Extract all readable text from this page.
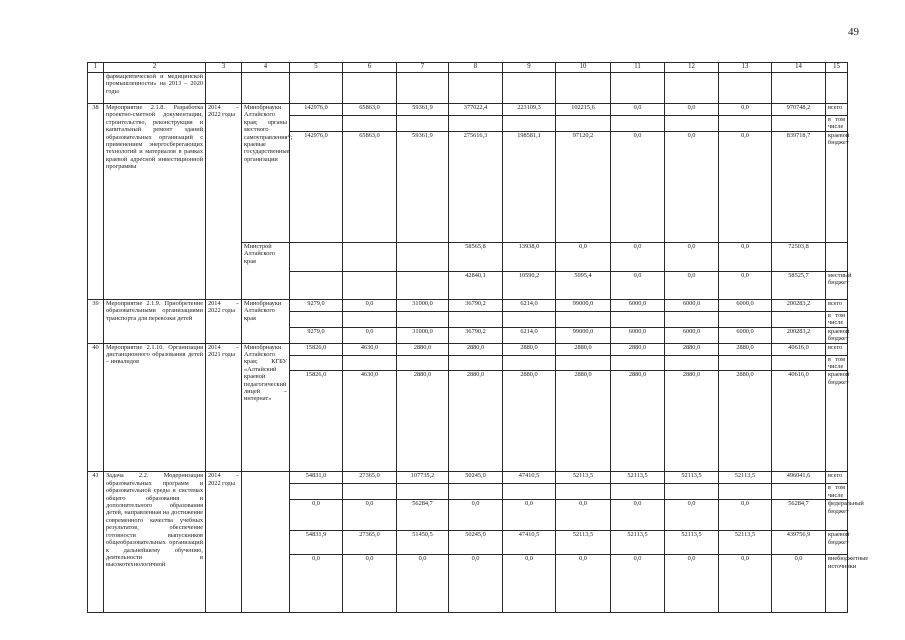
49
1	2	3	4	5	6	7	8	9	10	11	12	13	14	15
	фармацевтической и медицинской промышленности» на 2013 – 2020 годы													
38	Мероприятие 2.1.8. Разработка проектно-сметной документации, строительство, реконструкция и капитальный ремонт зданий образовательных организаций с применением энергосберегающих технологий и материалов в рамках краевой адресной инвестиционной программы	2014 – 2022 годы	Минобрнауки Алтайского края; органы местного самоуправления*; краевые государственные организации	142976,0	65863,0	59361,9	377022,4	223109,3	102215,6	0,0	0,0	0,0	970748,2	всего
														в том числе
				142976,0	65863,0	59361,9	275616,3	198581,1	97120,2	0,0	0,0	0,0	839718,7	краевой бюджет
			Минстрой Алтайского края				58565,8	13938,0	0,0	0,0	0,0	0,0	72503,8	
							42840,1	10590,2	5095,4	0,0	0,0	0,0	58525,7	местный бюджет
39	Мероприятие 2.1.9. Приобретение образовательными организациями транспорта для перевозки детей	2014 – 2022 годы	Минобрнауки Алтайского края	9279,0	0,0	31000,0	36790,2	6214,0	99000,0	6000,0	6000,0	6000,0	200283,2	всего
														в том числе
				9279,0	0,0	31000,0	36790,2	6214,0	99000,0	6000,0	6000,0	6000,0	200283,2	краевой бюджет
40	Мероприятие 2.1.10. Организация дистанционного образования детей – инвалидов	2014 – 2021 годы	Минобрнауки Алтайского края; КГБУ «Алтайский краевой педагогический лицей – интернат»	15826,0	4630,0	2880,0	2880,0	2880,0	2880,0	2880,0	2880,0	2880,0	40616,0	всего
														в том числе
				15826,0	4630,0	2880,0	2880,0	2880,0	2880,0	2880,0	2880,0	2880,0	40616,0	краевой бюджет
41	Задача 2.2. Модернизация образовательных программ и образовательной среды в системах общего образования и дополнительного образования детей, направленная на достижение современного качества учебных результатов, обеспечение готовности выпускников общеобразовательных организаций к дальнейшему обучению, деятельности в высокотехнологичной	2014 – 2022 годы		54831,0	27365,0	107735,2	50245,0	47410,5	52113,5	52113,5	52113,5	52113,5	496041,6	всего
														в том числе
				0,0	0,0	56284,7	0,0	0,0	0,0	0,0	0,0	0,0	56284,7	федеральный бюджет
				54831,9	27365,0	51450,5	50245,0	47410,5	52113,5	52113,5	52113,5	52113,5	439756,9	краевой бюджет
				0,0	0,0	0,0	0,0	0,0	0,0	0,0	0,0	0,0	0,0	внебюджетные источники
